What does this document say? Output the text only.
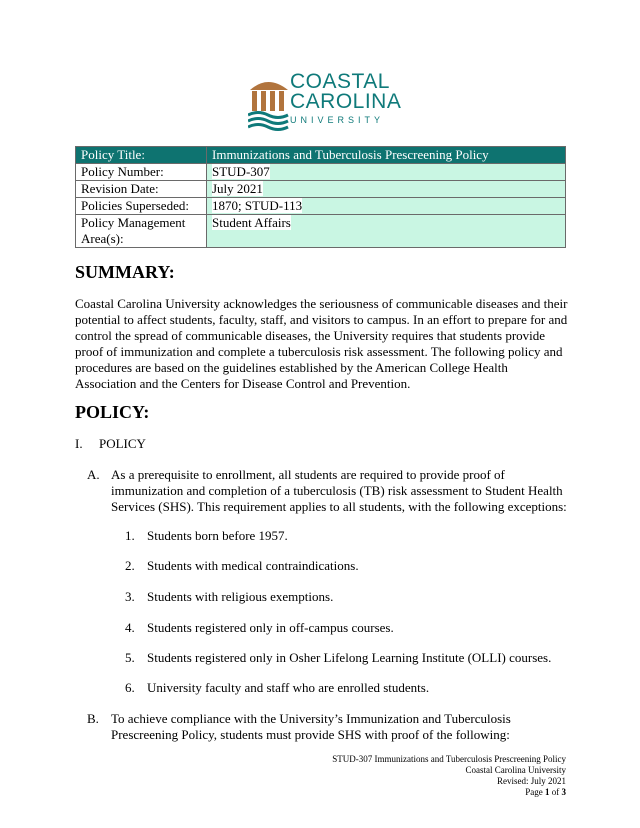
COASTAL
CAROLINA
UNIVERSITY
Policy Title:	Immunizations and Tuberculosis Prescreening Policy
Policy Number:	STUD-307
Revision Date:	July 2021
Policies Superseded:	1870; STUD-113
Policy Management Area(s):	Student Affairs
SUMMARY:

Coastal Carolina University acknowledges the seriousness of communicable diseases and their potential to affect students, faculty, staff, and visitors to campus. In an effort to prepare for and control the spread of communicable diseases, the University requires that students provide proof of immunization and complete a tuberculosis risk assessment. The following policy and procedures are based on the guidelines established by the American College Health Association and the Centers for Disease Control and Prevention.

POLICY:
I. POLICY
A. As a prerequisite to enrollment, all students are required to provide proof of immunization and completion of a tuberculosis (TB) risk assessment to Student Health Services (SHS). This requirement applies to all students, with the following exceptions:
1. Students born before 1957.
2. Students with medical contraindications.
3. Students with religious exemptions.
4. Students registered only in off-campus courses.
5. Students registered only in Osher Lifelong Learning Institute (OLLI) courses.
6. University faculty and staff who are enrolled students.
B. To achieve compliance with the University’s Immunization and Tuberculosis Prescreening Policy, students must provide SHS with proof of the following:
STUD-307 Immunizations and Tuberculosis Prescreening Policy
Coastal Carolina University
Revised: July 2021
Page 1 of 3
